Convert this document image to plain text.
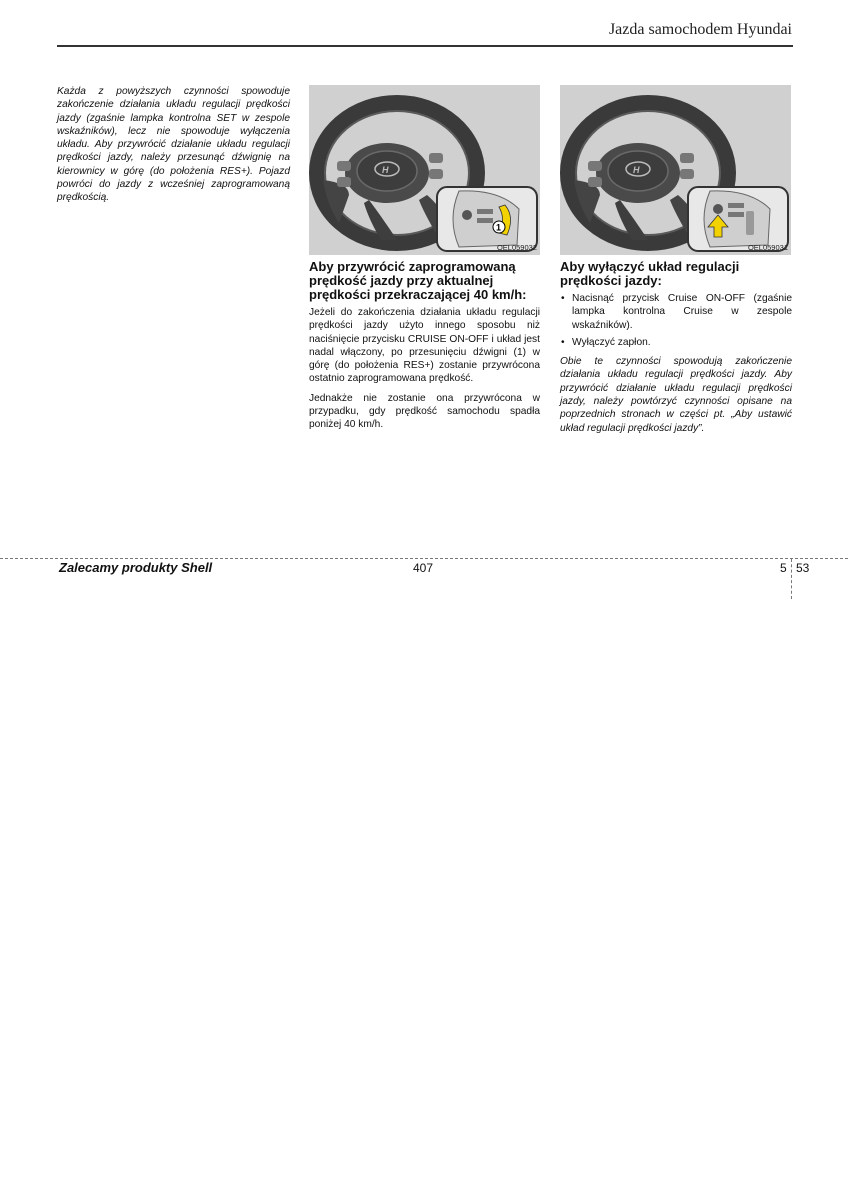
Jazda samochodem Hyundai

Każda z powyższych czynności spowoduje zakończenie działania układu regulacji prędkości jazdy (zgaśnie lampka kontrolna SET w zespole wskaźników), lecz nie spowoduje wyłączenia układu. Aby przywrócić działanie układu regulacji prędkości jazdy, należy przesunąć dźwignię na kierownicy w górę (do położenia RES+). Pojazd powróci do jazdy z wcześniej zaprogramowaną prędkością.

H
1
OEL059032
Aby przywrócić zaprogramowaną prędkość jazdy przy aktualnej prędkości przekraczającej 40 km/h:

Jeżeli do zakończenia działania układu regulacji prędkości jazdy użyto innego sposobu niż naciśnięcie przycisku CRUISE ON-OFF i układ jest nadal włączony, po przesunięciu dźwigni (1) w górę (do położenia RES+) zostanie przywrócona ostatnio zaprogramowana prędkość.

Jednakże nie zostanie ona przywrócona w przypadku, gdy prędkość samochodu spadła poniżej 40 km/h.

H
OEL059031
Aby wyłączyć układ regulacji prędkości jazdy:
• Nacisnąć przycisk Cruise ON-OFF (zgaśnie lampka kontrolna Cruise w zespole wskaźników).
• Wyłączyć zapłon.

Obie te czynności spowodują zakończenie działania układu regulacji prędkości jazdy. Aby przywrócić działanie układu regulacji prędkości jazdy, należy powtórzyć czynności opisane na poprzednich stronach w części pt. „Aby ustawić układ regulacji prędkości jazdy”.

Zalecamy produkty Shell	407	5 53
